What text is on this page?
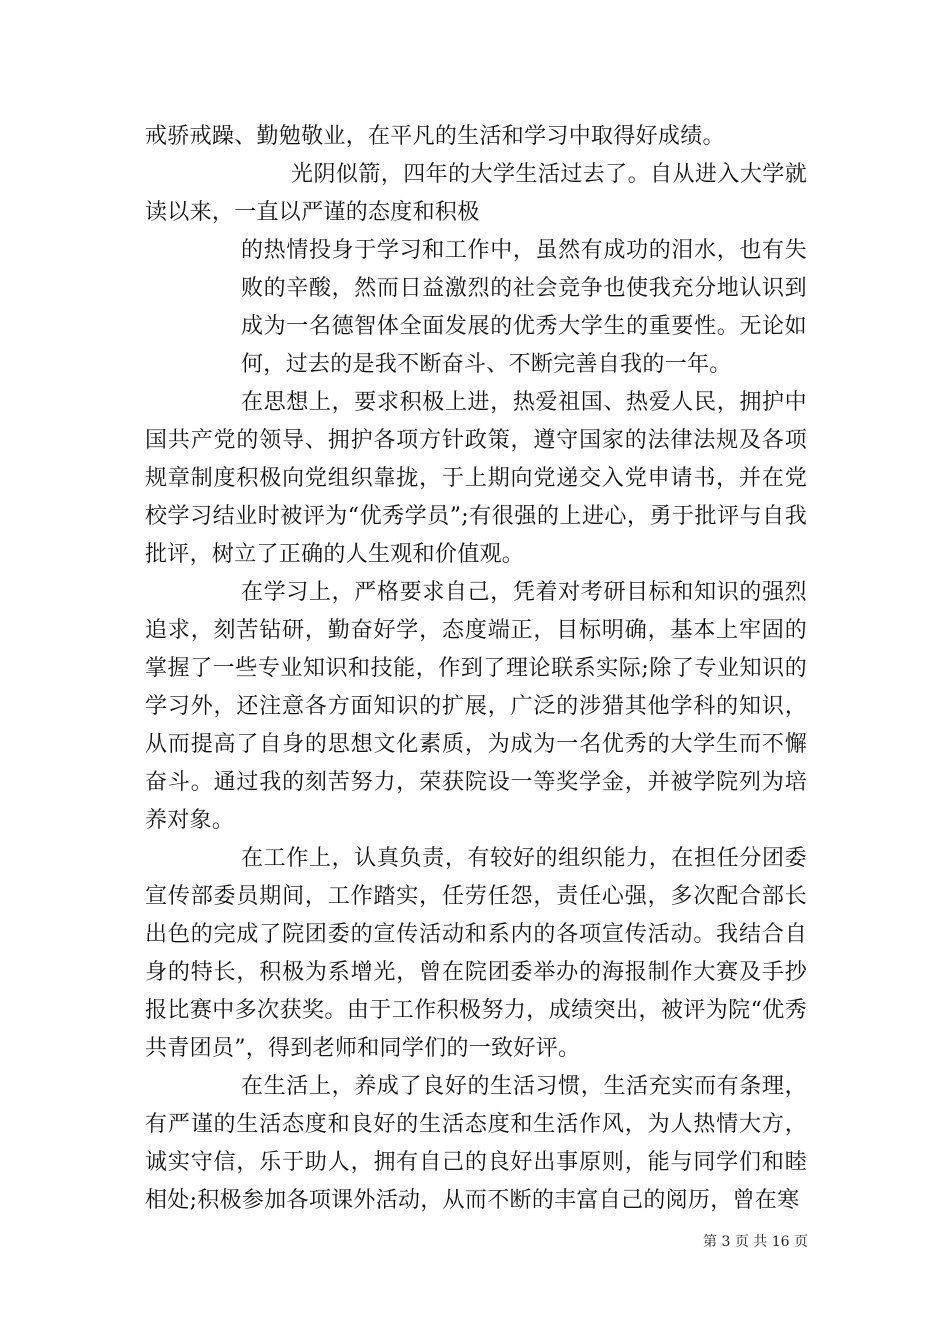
戒骄戒躁、勤勉敬业，在平凡的生活和学习中取得好成绩。

光阴似箭，四年的大学生活过去了。自从进入大学就读以来，一直以严谨的态度和积极

的热情投身于学习和工作中，虽然有成功的泪水，也有失败的辛酸，然而日益激烈的社会竞争也使我充分地认识到成为一名德智体全面发展的优秀大学生的重要性。无论如何，过去的是我不断奋斗、不断完善自我的一年。

在思想上，要求积极上进，热爱祖国、热爱人民，拥护中国共产党的领导、拥护各项方针政策，遵守国家的法律法规及各项规章制度积极向党组织靠拢，于上期向党递交入党申请书，并在党校学习结业时被评为“优秀学员”;有很强的上进心，勇于批评与自我批评，树立了正确的人生观和价值观。

在学习上，严格要求自己，凭着对考研目标和知识的强烈追求，刻苦钻研，勤奋好学，态度端正，目标明确，基本上牢固的掌握了一些专业知识和技能，作到了理论联系实际;除了专业知识的学习外，还注意各方面知识的扩展，广泛的涉猎其他学科的知识，从而提高了自身的思想文化素质，为成为一名优秀的大学生而不懈奋斗。通过我的刻苦努力，荣获院设一等奖学金，并被学院列为培养对象。

在工作上，认真负责，有较好的组织能力，在担任分团委宣传部委员期间，工作踏实，任劳任怨，责任心强，多次配合部长出色的完成了院团委的宣传活动和系内的各项宣传活动。我结合自身的特长，积极为系增光，曾在院团委举办的海报制作大赛及手抄报比赛中多次获奖。由于工作积极努力，成绩突出，被评为院“优秀共青团员”，得到老师和同学们的一致好评。

在生活上，养成了良好的生活习惯，生活充实而有条理，有严谨的生活态度和良好的生活态度和生活作风，为人热情大方，诚实守信，乐于助人，拥有自己的良好出事原则，能与同学们和睦相处;积极参加各项课外活动，从而不断的丰富自己的阅历，曾在寒

第 3 页 共 16 页
